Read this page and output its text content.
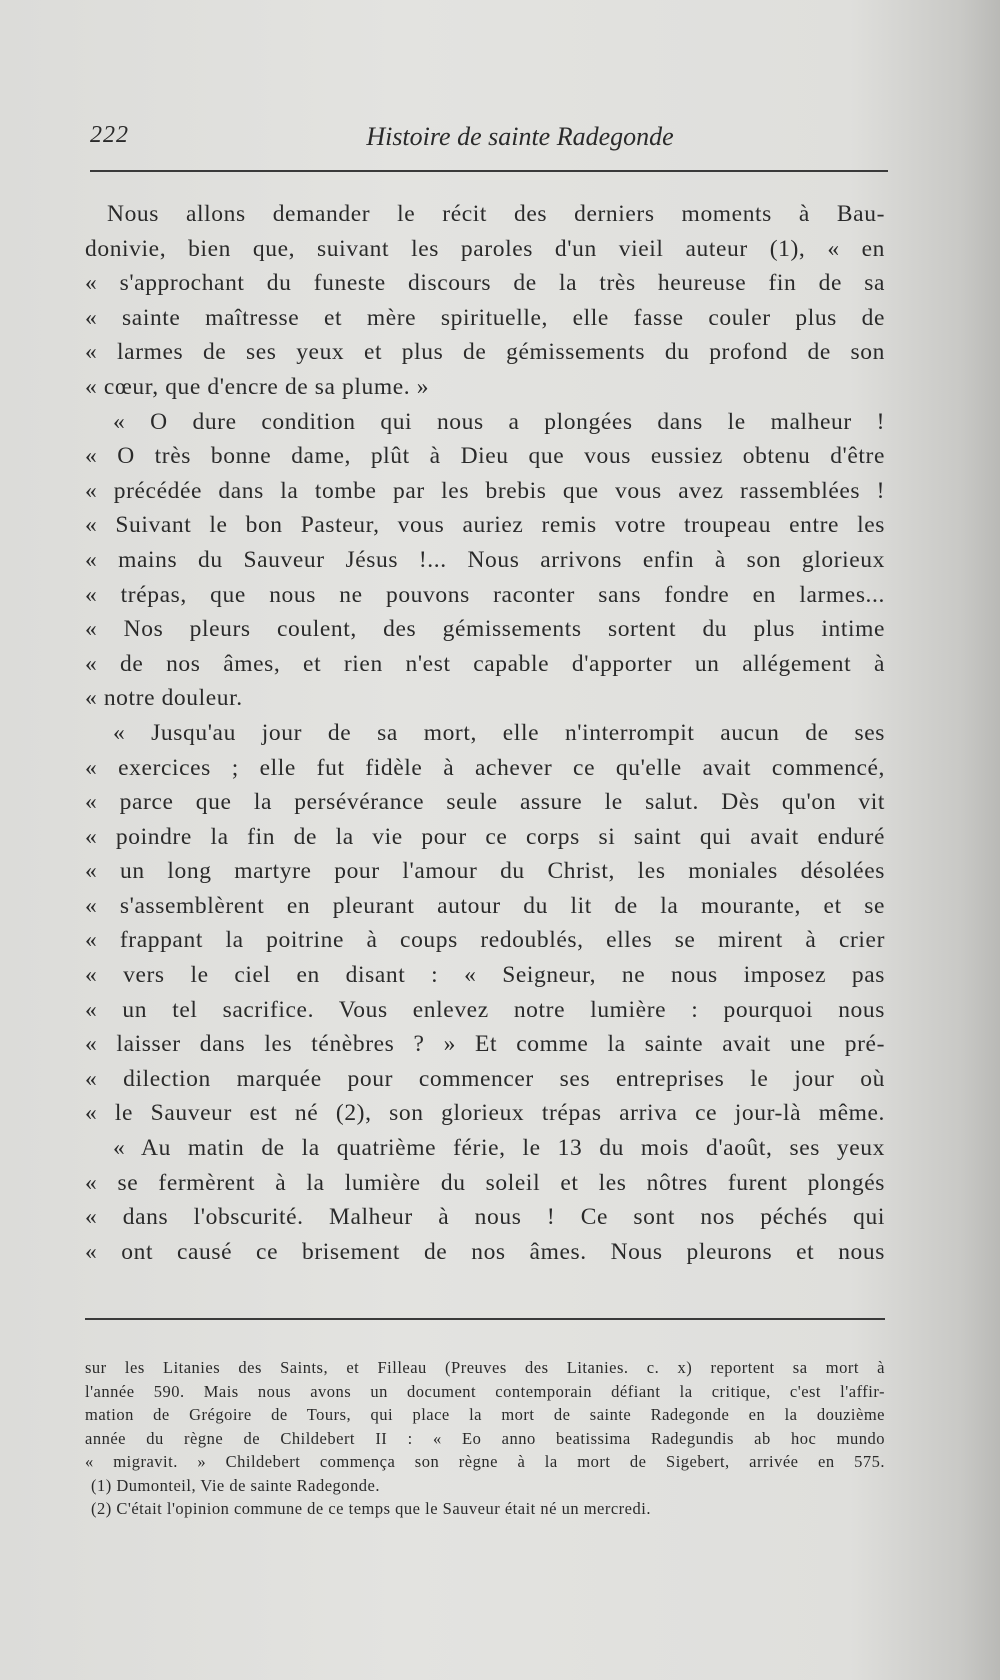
222	Histoire de sainte Radegonde
Nous allons demander le récit des derniers moments à Bau-
donivie, bien que, suivant les paroles d'un vieil auteur (1), « en
« s'approchant du funeste discours de la très heureuse fin de sa
« sainte maîtresse et mère spirituelle, elle fasse couler plus de
« larmes de ses yeux et plus de gémissements du profond de son
« cœur, que d'encre de sa plume. »
« O dure condition qui nous a plongées dans le malheur !
« O très bonne dame, plût à Dieu que vous eussiez obtenu d'être
« précédée dans la tombe par les brebis que vous avez rassemblées !
« Suivant le bon Pasteur, vous auriez remis votre troupeau entre les
« mains du Sauveur Jésus !... Nous arrivons enfin à son glorieux
« trépas, que nous ne pouvons raconter sans fondre en larmes...
« Nos pleurs coulent, des gémissements sortent du plus intime
« de nos âmes, et rien n'est capable d'apporter un allégement à
« notre douleur.
« Jusqu'au jour de sa mort, elle n'interrompit aucun de ses
« exercices ; elle fut fidèle à achever ce qu'elle avait commencé,
« parce que la persévérance seule assure le salut. Dès qu'on vit
« poindre la fin de la vie pour ce corps si saint qui avait enduré
« un long martyre pour l'amour du Christ, les moniales désolées
« s'assemblèrent en pleurant autour du lit de la mourante, et se
« frappant la poitrine à coups redoublés, elles se mirent à crier
« vers le ciel en disant : « Seigneur, ne nous imposez pas
« un tel sacrifice. Vous enlevez notre lumière : pourquoi nous
« laisser dans les ténèbres ? » Et comme la sainte avait une pré-
« dilection marquée pour commencer ses entreprises le jour où
« le Sauveur est né (2), son glorieux trépas arriva ce jour-là même.
« Au matin de la quatrième férie, le 13 du mois d'août, ses yeux
« se fermèrent à la lumière du soleil et les nôtres furent plongés
« dans l'obscurité. Malheur à nous ! Ce sont nos péchés qui
« ont causé ce brisement de nos âmes. Nous pleurons et nous
sur les Litanies des Saints, et Filleau (Preuves des Litanies. c. x) reportent sa mort à
l'année 590. Mais nous avons un document contemporain défiant la critique, c'est l'affir-
mation de Grégoire de Tours, qui place la mort de sainte Radegonde en la douzième
année du règne de Childebert II : « Eo anno beatissima Radegundis ab hoc mundo
« migravit. » Childebert commença son règne à la mort de Sigebert, arrivée en 575.
(1) Dumonteil, Vie de sainte Radegonde.
(2) C'était l'opinion commune de ce temps que le Sauveur était né un mercredi.
